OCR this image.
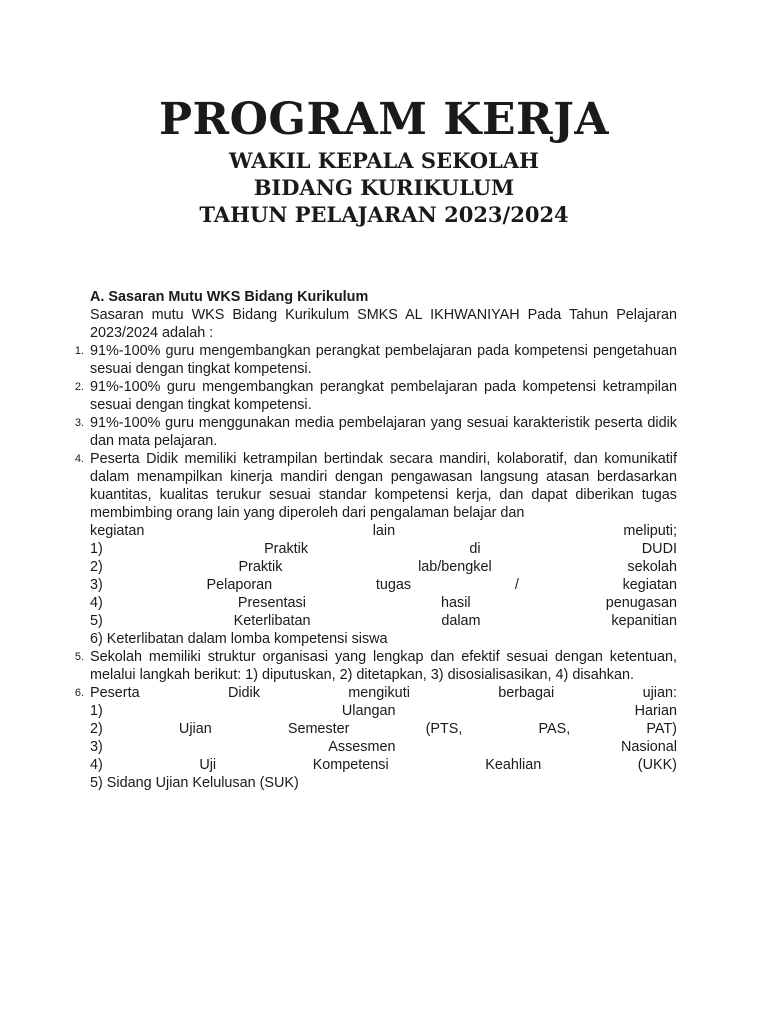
PROGRAM KERJA
WAKIL KEPALA SEKOLAH
BIDANG KURIKULUM
TAHUN PELAJARAN 2023/2024

A. Sasaran Mutu WKS Bidang Kurikulum

Sasaran mutu WKS Bidang Kurikulum SMKS AL IKHWANIYAH Pada Tahun Pelajaran 2023/2024 adalah :

1. 91%-100% guru mengembangkan perangkat pembelajaran pada kompetensi pengetahuan sesuai dengan tingkat kompetensi.
2. 91%-100% guru mengembangkan perangkat pembelajaran pada kompetensi ketrampilan sesuai dengan tingkat kompetensi.
3. 91%-100% guru menggunakan media pembelajaran yang sesuai karakteristik peserta didik dan mata pelajaran.
4. Peserta Didik memiliki ketrampilan bertindak secara mandiri, kolaboratif, dan komunikatif dalam menampilkan kinerja mandiri dengan pengawasan langsung atasan berdasarkan kuantitas, kualitas terukur sesuai standar kompetensi kerja, dan dapat diberikan tugas membimbing orang lain yang diperoleh dari pengalaman belajar dan
kegiatan	lain	meliputi;
1)	Praktik	di	DUDI
2)	Praktik	lab/bengkel	sekolah
3)	Pelaporan	tugas	/	kegiatan
4)	Presentasi	hasil	penugasan
5)	Keterlibatan	dalam	kepanitian
6) Keterlibatan dalam lomba kompetensi siswa
5. Sekolah memiliki struktur organisasi yang lengkap dan efektif sesuai dengan ketentuan, melalui langkah berikut: 1) diputuskan, 2) ditetapkan, 3) disosialisasikan, 4) disahkan.
6. Peserta	Didik	mengikuti	berbagai	ujian:
1)	Ulangan	Harian
2)	Ujian	Semester	(PTS,	PAS,	PAT)
3)	Assesmen	Nasional
4)	Uji	Kompetensi	Keahlian	(UKK)
5) Sidang Ujian Kelulusan (SUK)
